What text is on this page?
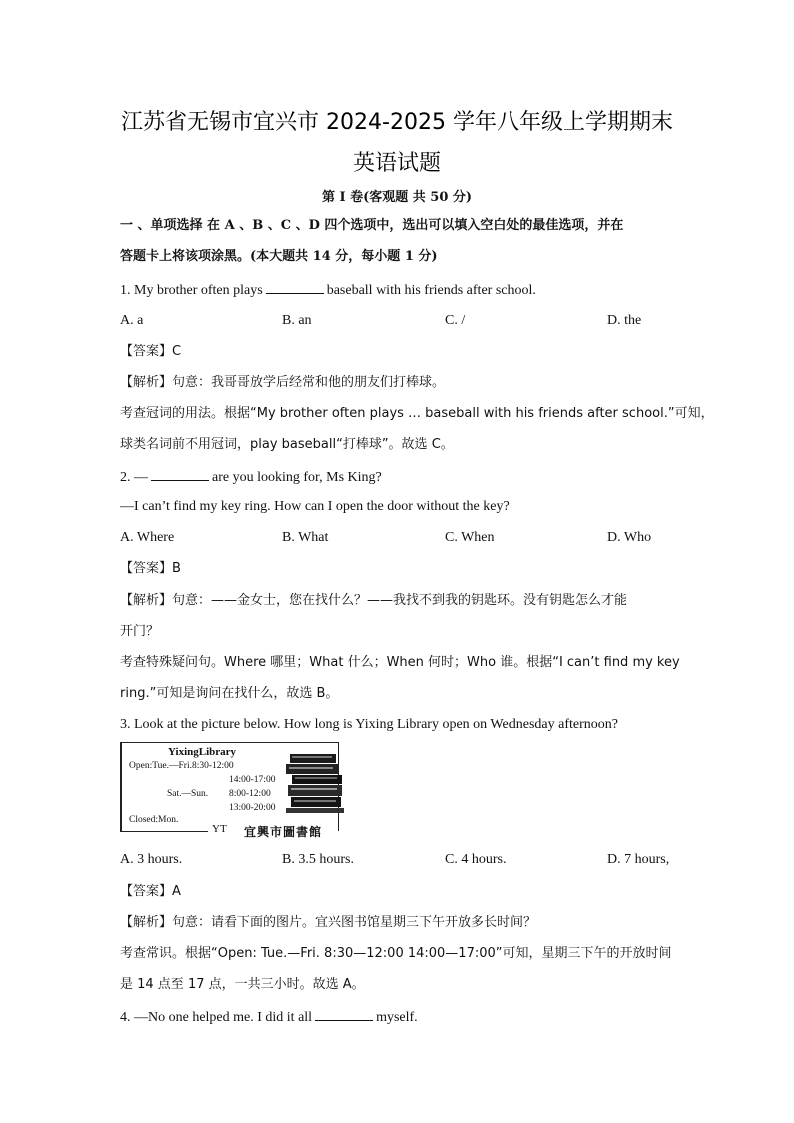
江苏省无锡市宜兴市 2024-2025 学年八年级上学期期末
英语试题
第 I 卷(客观题 共 50 分)
一 、单项选择 在 A 、B 、C 、D 四个选项中，选出可以填入空白处的最佳选项，并在
答题卡上将该项涂黑。(本大题共 14 分，每小题 1 分)
1. My brother often plays	baseball with his friends after school.
A. a	B. an	C. /	D. the
【答案】C
【解析】句意：我哥哥放学后经常和他的朋友们打棒球。
考查冠词的用法。根据“My brother often plays … baseball with his friends after school.”可知，
球类名词前不用冠词，play baseball“打棒球”。故选 C。
2. —	are you looking for, Ms King?
—I can’t find my key ring. How can I open the door without the key?
A. Where	B. What	C. When	D. Who
【答案】B
【解析】句意：——金女士，您在找什么？——我找不到我的钥匙环。没有钥匙怎么才能
开门？
考查特殊疑问句。Where 哪里；What 什么；When 何时；Who 谁。根据“I can’t find my key
ring.”可知是询问在找什么，故选 B。
3. Look at the picture below. How long is Yixing Library open on Wednesday afternoon?
YixingLibrary
Open:Tue.—Fri.8:30-12:00
14:00-17:00
Sat.—Sun. 8:00-12:00
13:00-20:00
Closed:Mon.
YT 宜興市圖書館
A. 3 hours.	B. 3.5 hours.	C. 4 hours.	D. 7 hours,
【答案】A
【解析】句意：请看下面的图片。宜兴图书馆星期三下午开放多长时间？
考查常识。根据“Open: Tue.—Fri. 8:30—12:00 14:00—17:00”可知，星期三下午的开放时间
是 14 点至 17 点，一共三小时。故选 A。
4. —No one helped me. I did it all	myself.
